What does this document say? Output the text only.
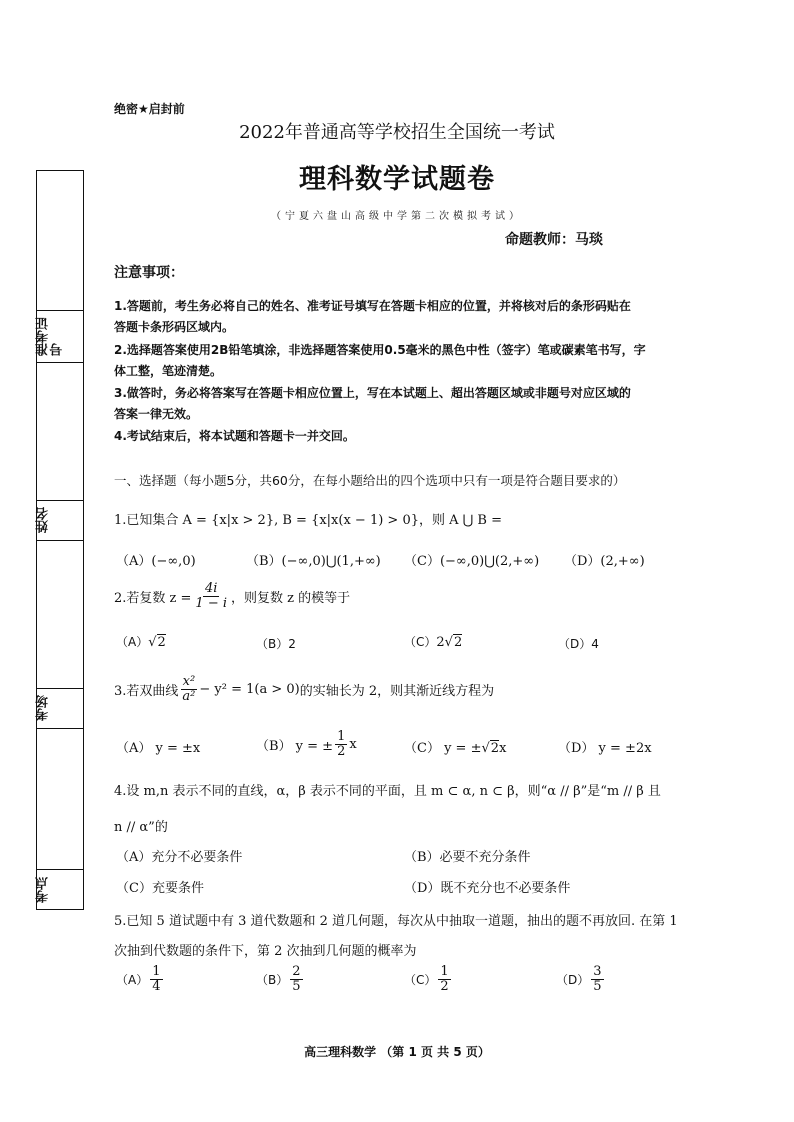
准考证号
姓名
考场
考点
绝密★启封前
2022年普通高等学校招生全国统一考试
理科数学试题卷
（宁夏六盘山高级中学第二次模拟考试）
命题教师：马琰
注意事项：
1.答题前，考生务必将自己的姓名、准考证号填写在答题卡相应的位置，并将核对后的条形码贴在
答题卡条形码区域内。
2.选择题答案使用2B铅笔填涂，非选择题答案使用0.5毫米的黑色中性（签字）笔或碳素笔书写，字
体工整，笔迹清楚。
3.做答时，务必将答案写在答题卡相应位置上，写在本试题上、超出答题区域或非题号对应区域的
答案一律无效。
4.考试结束后，将本试题和答题卡一并交回。
一、选择题（每小题5分，共60分，在每小题给出的四个选项中只有一项是符合题目要求的）
1.已知集合 A = {x|x > 2}, B = {x|x(x − 1) > 0}，则 A ⋃ B =
（A）(−∞,0)	（B）(−∞,0)⋃(1,+∞) （C）(−∞,0)⋃(2,+∞) （D）(2,+∞)
2.若复数 $z = \frac{4i}{1 - i}$ ，则复数 z 的模等于
（A）√2	（B）2	（C）2√2	（D）4
3.若双曲线 $\frac{\text{x²}}{\text{a²}} - y^2 = 1(a > 0)$ 的实轴长为 2，则其渐近线方程为
（A） y = ±x	（B） y = ± $\frac{1}{2}$ x	（C） y = ±√2x	（D） y = ±2x
4.设 m,n 表示不同的直线，α，β 表示不同的平面，且 m ⊂ α, n ⊂ β，则“α // β”是“m // β 且
n // α”的
（A）充分不必要条件	（B）必要不充分条件
（C）充要条件	（D）既不充分也不必要条件
5.已知 5 道试题中有 3 道代数题和 2 道几何题，每次从中抽取一道题，抽出的题不再放回. 在第 1
次抽到代数题的条件下，第 2 次抽到几何题的概率为
$(A) \frac{1}{4}$	$(B) \frac{2}{5}$	$(C) \frac{1}{2}$	$(D) \frac{3}{5}$
高三理科数学 （第 1 页 共 5 页）
